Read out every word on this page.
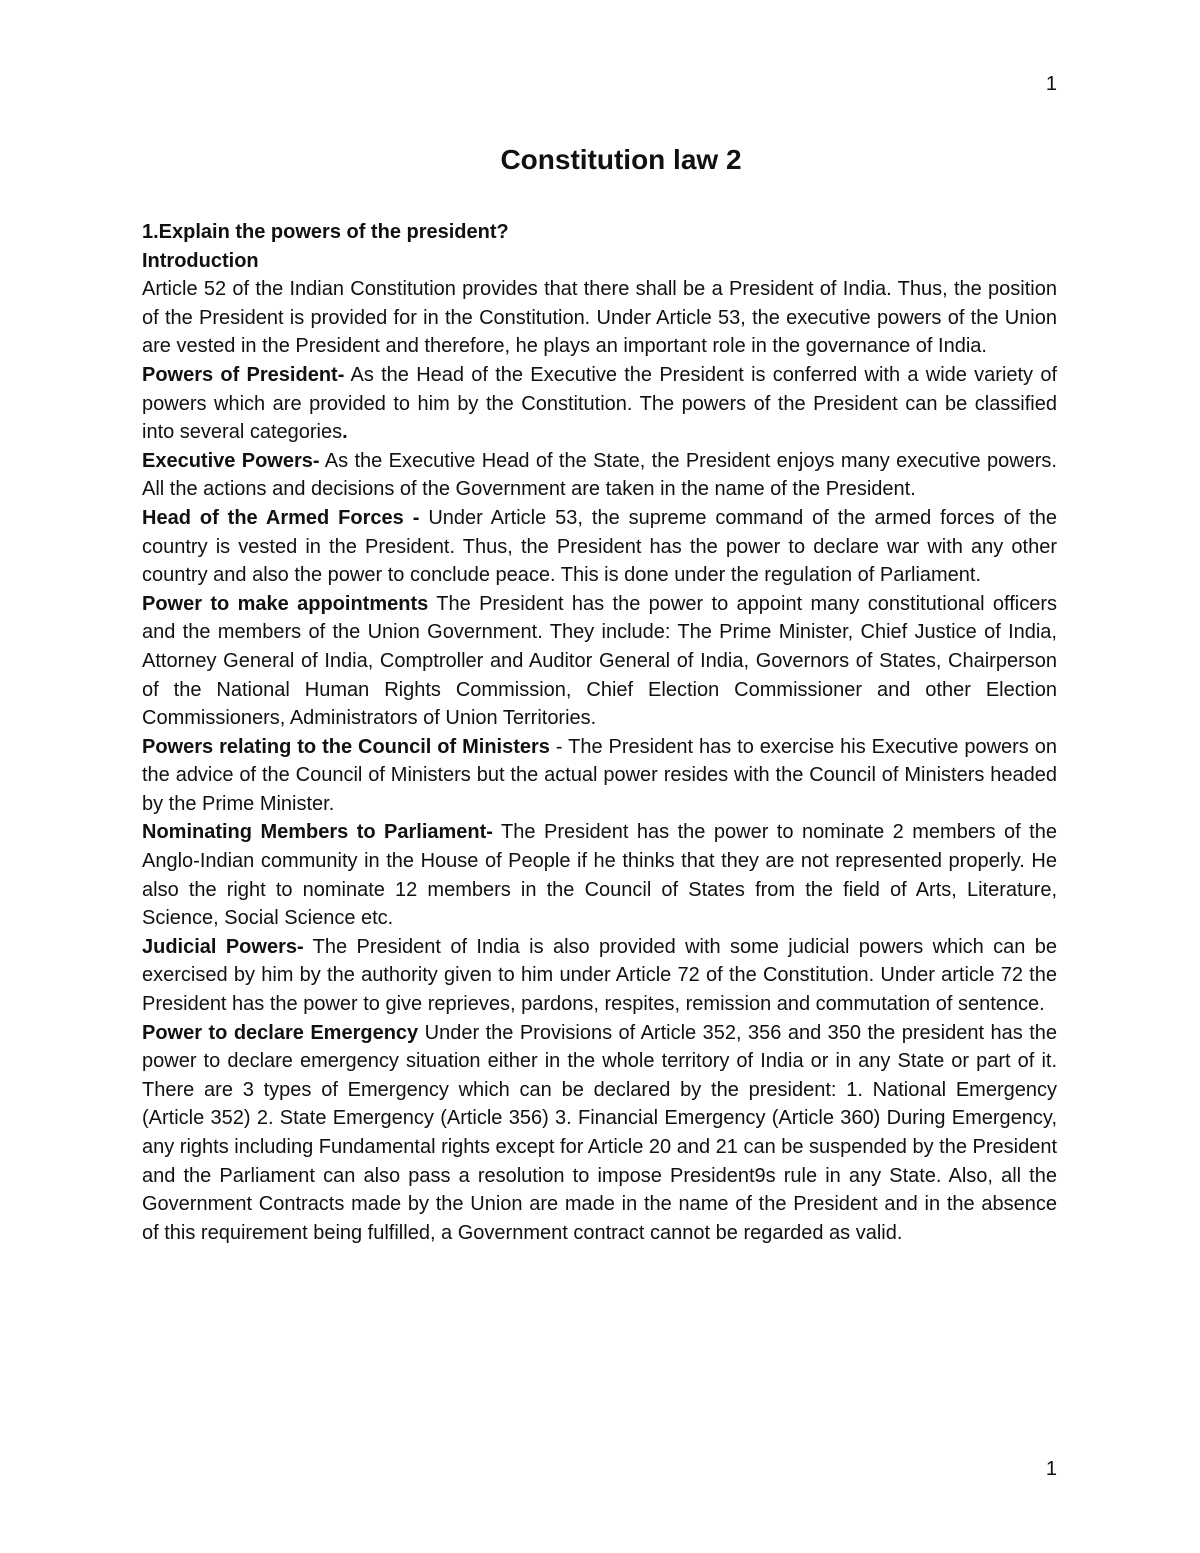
1
Constitution law 2

1.Explain the powers of the president?

Introduction

Article 52 of the Indian Constitution provides that there shall be a President of India. Thus, the position of the President is provided for in the Constitution. Under Article 53, the executive powers of the Union are vested in the President and therefore, he plays an important role in the governance of India.

Powers of President- As the Head of the Executive the President is conferred with a wide variety of powers which are provided to him by the Constitution. The powers of the President can be classified into several categories.

Executive Powers- As the Executive Head of the State, the President enjoys many executive powers. All the actions and decisions of the Government are taken in the name of the President.

Head of the Armed Forces - Under Article 53, the supreme command of the armed forces of the country is vested in the President. Thus, the President has the power to declare war with any other country and also the power to conclude peace. This is done under the regulation of Parliament.

Power to make appointments The President has the power to appoint many constitutional officers and the members of the Union Government. They include: The Prime Minister, Chief Justice of India, Attorney General of India, Comptroller and Auditor General of India, Governors of States, Chairperson of the National Human Rights Commission, Chief Election Commissioner and other Election Commissioners, Administrators of Union Territories.

Powers relating to the Council of Ministers - The President has to exercise his Executive powers on the advice of the Council of Ministers but the actual power resides with the Council of Ministers headed by the Prime Minister.

Nominating Members to Parliament- The President has the power to nominate 2 members of the Anglo-Indian community in the House of People if he thinks that they are not represented properly. He also the right to nominate 12 members in the Council of States from the field of Arts, Literature, Science, Social Science etc.

Judicial Powers- The President of India is also provided with some judicial powers which can be exercised by him by the authority given to him under Article 72 of the Constitution. Under article 72 the President has the power to give reprieves, pardons, respites, remission and commutation of sentence.

Power to declare Emergency Under the Provisions of Article 352, 356 and 350 the president has the power to declare emergency situation either in the whole territory of India or in any State or part of it. There are 3 types of Emergency which can be declared by the president: 1. National Emergency (Article 352) 2. State Emergency (Article 356) 3. Financial Emergency (Article 360) During Emergency, any rights including Fundamental rights except for Article 20 and 21 can be suspended by the President and the Parliament can also pass a resolution to impose President9s rule in any State. Also, all the Government Contracts made by the Union are made in the name of the President and in the absence of this requirement being fulfilled, a Government contract cannot be regarded as valid.

1
